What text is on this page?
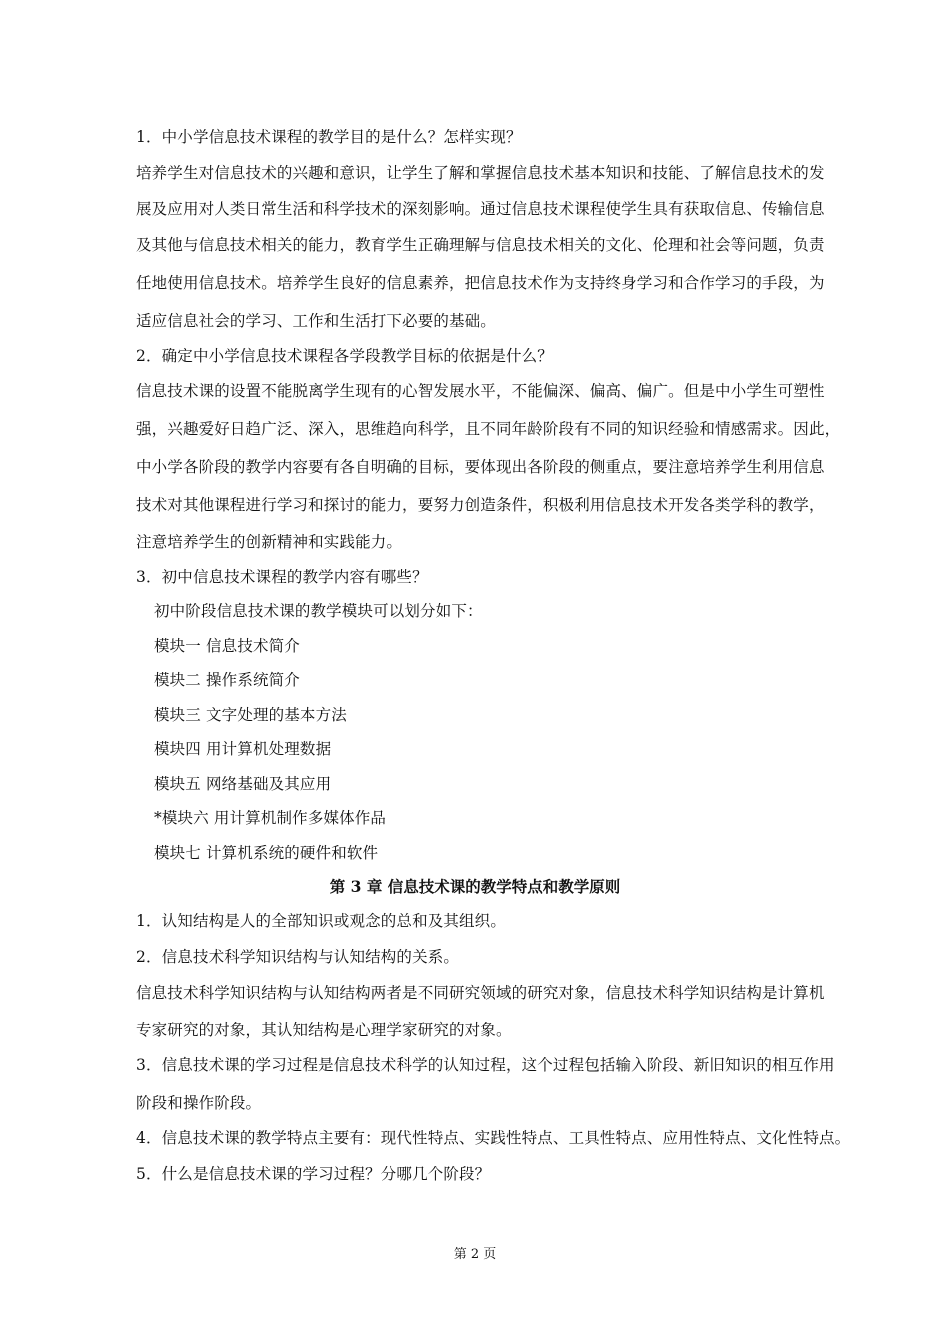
1．中小学信息技术课程的教学目的是什么？怎样实现？
培养学生对信息技术的兴趣和意识，让学生了解和掌握信息技术基本知识和技能、了解信息技术的发
展及应用对人类日常生活和科学技术的深刻影响。通过信息技术课程使学生具有获取信息、传输信息
及其他与信息技术相关的能力，教育学生正确理解与信息技术相关的文化、伦理和社会等问题，负责
任地使用信息技术。培养学生良好的信息素养，把信息技术作为支持终身学习和合作学习的手段，为
适应信息社会的学习、工作和生活打下必要的基础。
2．确定中小学信息技术课程各学段教学目标的依据是什么？
信息技术课的设置不能脱离学生现有的心智发展水平，不能偏深、偏高、偏广。但是中小学生可塑性
强，兴趣爱好日趋广泛、深入，思维趋向科学，且不同年龄阶段有不同的知识经验和情感需求。因此，
中小学各阶段的教学内容要有各自明确的目标，要体现出各阶段的侧重点，要注意培养学生利用信息
技术对其他课程进行学习和探讨的能力，要努力创造条件，积极利用信息技术开发各类学科的教学，
注意培养学生的创新精神和实践能力。
3．初中信息技术课程的教学内容有哪些？
初中阶段信息技术课的教学模块可以划分如下：
模块一 信息技术简介
模块二 操作系统简介
模块三 文字处理的基本方法
模块四 用计算机处理数据
模块五 网络基础及其应用
*模块六 用计算机制作多媒体作品
模块七 计算机系统的硬件和软件
第 3 章 信息技术课的教学特点和教学原则
1．认知结构是人的全部知识或观念的总和及其组织。
2．信息技术科学知识结构与认知结构的关系。
信息技术科学知识结构与认知结构两者是不同研究领域的研究对象，信息技术科学知识结构是计算机
专家研究的对象，其认知结构是心理学家研究的对象。
3．信息技术课的学习过程是信息技术科学的认知过程，这个过程包括输入阶段、新旧知识的相互作用
阶段和操作阶段。
4．信息技术课的教学特点主要有：现代性特点、实践性特点、工具性特点、应用性特点、文化性特点。
5．什么是信息技术课的学习过程？分哪几个阶段？
第 2 页
